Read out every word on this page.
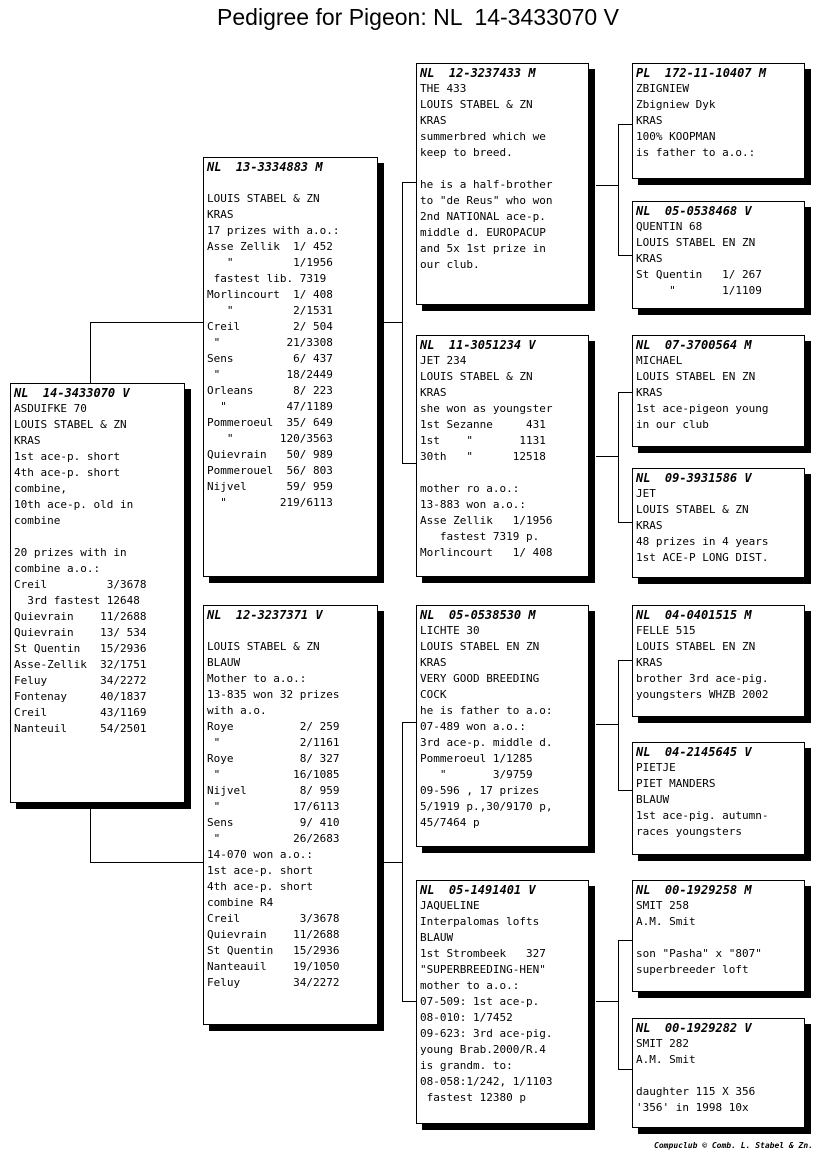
Pedigree for Pigeon: NL  14-3433070 V
NL  14-3433070 V
ASDUIFKE 70
LOUIS STABEL & ZN
KRAS
1st ace-p. short
4th ace-p. short
combine,
10th ace-p. old in
combine

20 prizes with in
combine a.o.:
Creil         3/3678
3rd fastest 12648
Quievrain    11/2688
Quievrain    13/ 534
St Quentin   15/2936
Asse-Zellik  32/1751
Feluy        34/2272
Fontenay     40/1837
Creil        43/1169
Nanteuil     54/2501
NL  13-3334883 M

LOUIS STABEL & ZN
KRAS
17 prizes with a.o.:
Asse Zellik  1/ 452
"         1/1956
fastest lib. 7319
Morlincourt  1/ 408
"         2/1531
Creil        2/ 504
"          21/3308
Sens         6/ 437
"          18/2449
Orleans      8/ 223
"         47/1189
Pommeroeul  35/ 649
"       120/3563
Quievrain   50/ 989
Pommerouel  56/ 803
Nijvel      59/ 959
"        219/6113
NL  12-3237371 V

LOUIS STABEL & ZN
BLAUW
Mother to a.o.:
13-835 won 32 prizes
with a.o.
Roye          2/ 259
"            2/1161
Roye          8/ 327
"           16/1085
Nijvel        8/ 959
"           17/6113
Sens          9/ 410
"           26/2683
14-070 won a.o.:
1st ace-p. short
4th ace-p. short
combine R4
Creil         3/3678
Quievrain    11/2688
St Quentin   15/2936
Nanteauil    19/1050
Feluy        34/2272
NL  12-3237433 M
THE 433
LOUIS STABEL & ZN
KRAS
summerbred which we
keep to breed.

he is a half-brother
to "de Reus" who won
2nd NATIONAL ace-p.
middle d. EUROPACUP
and 5x 1st prize in
our club.
NL  11-3051234 V
JET 234
LOUIS STABEL & ZN
KRAS
she won as youngster
1st Sezanne     431
1st    "       1131
30th   "      12518

mother ro a.o.:
13-883 won a.o.:
Asse Zellik   1/1956
fastest 7319 p.
Morlincourt   1/ 408
NL  05-0538530 M
LICHTE 30
LOUIS STABEL EN ZN
KRAS
VERY GOOD BREEDING
COCK
he is father to a.o:
07-489 won a.o.:
3rd ace-p. middle d.
Pommeroeul 1/1285
"       3/9759
09-596 , 17 prizes
5/1919 p.,30/9170 p,
45/7464 p
NL  05-1491401 V
JAQUELINE
Interpalomas lofts
BLAUW
1st Strombeek   327
"SUPERBREEDING-HEN"
mother to a.o.:
07-509: 1st ace-p.
08-010: 1/7452
09-623: 3rd ace-pig.
young Brab.2000/R.4
is grandm. to:
08-058:1/242, 1/1103
fastest 12380 p
PL  172-11-10407 M
ZBIGNIEW
Zbigniew Dyk
KRAS
100% KOOPMAN
is father to a.o.:
NL  05-0538468 V
QUENTIN 68
LOUIS STABEL EN ZN
KRAS
St Quentin   1/ 267
"       1/1109
NL  07-3700564 M
MICHAEL
LOUIS STABEL EN ZN
KRAS
1st ace-pigeon young
in our club
NL  09-3931586 V
JET
LOUIS STABEL & ZN
KRAS
48 prizes in 4 years
1st ACE-P LONG DIST.
NL  04-0401515 M
FELLE 515
LOUIS STABEL EN ZN
KRAS
brother 3rd ace-pig.
youngsters WHZB 2002
NL  04-2145645 V
PIETJE
PIET MANDERS
BLAUW
1st ace-pig. autumn-
races youngsters
NL  00-1929258 M
SMIT 258
A.M. Smit

son "Pasha" x "807"
superbreeder loft
NL  00-1929282 V
SMIT 282
A.M. Smit

daughter 115 X 356
'356' in 1998 10x
Compuclub © Comb. L. Stabel & Zn.
